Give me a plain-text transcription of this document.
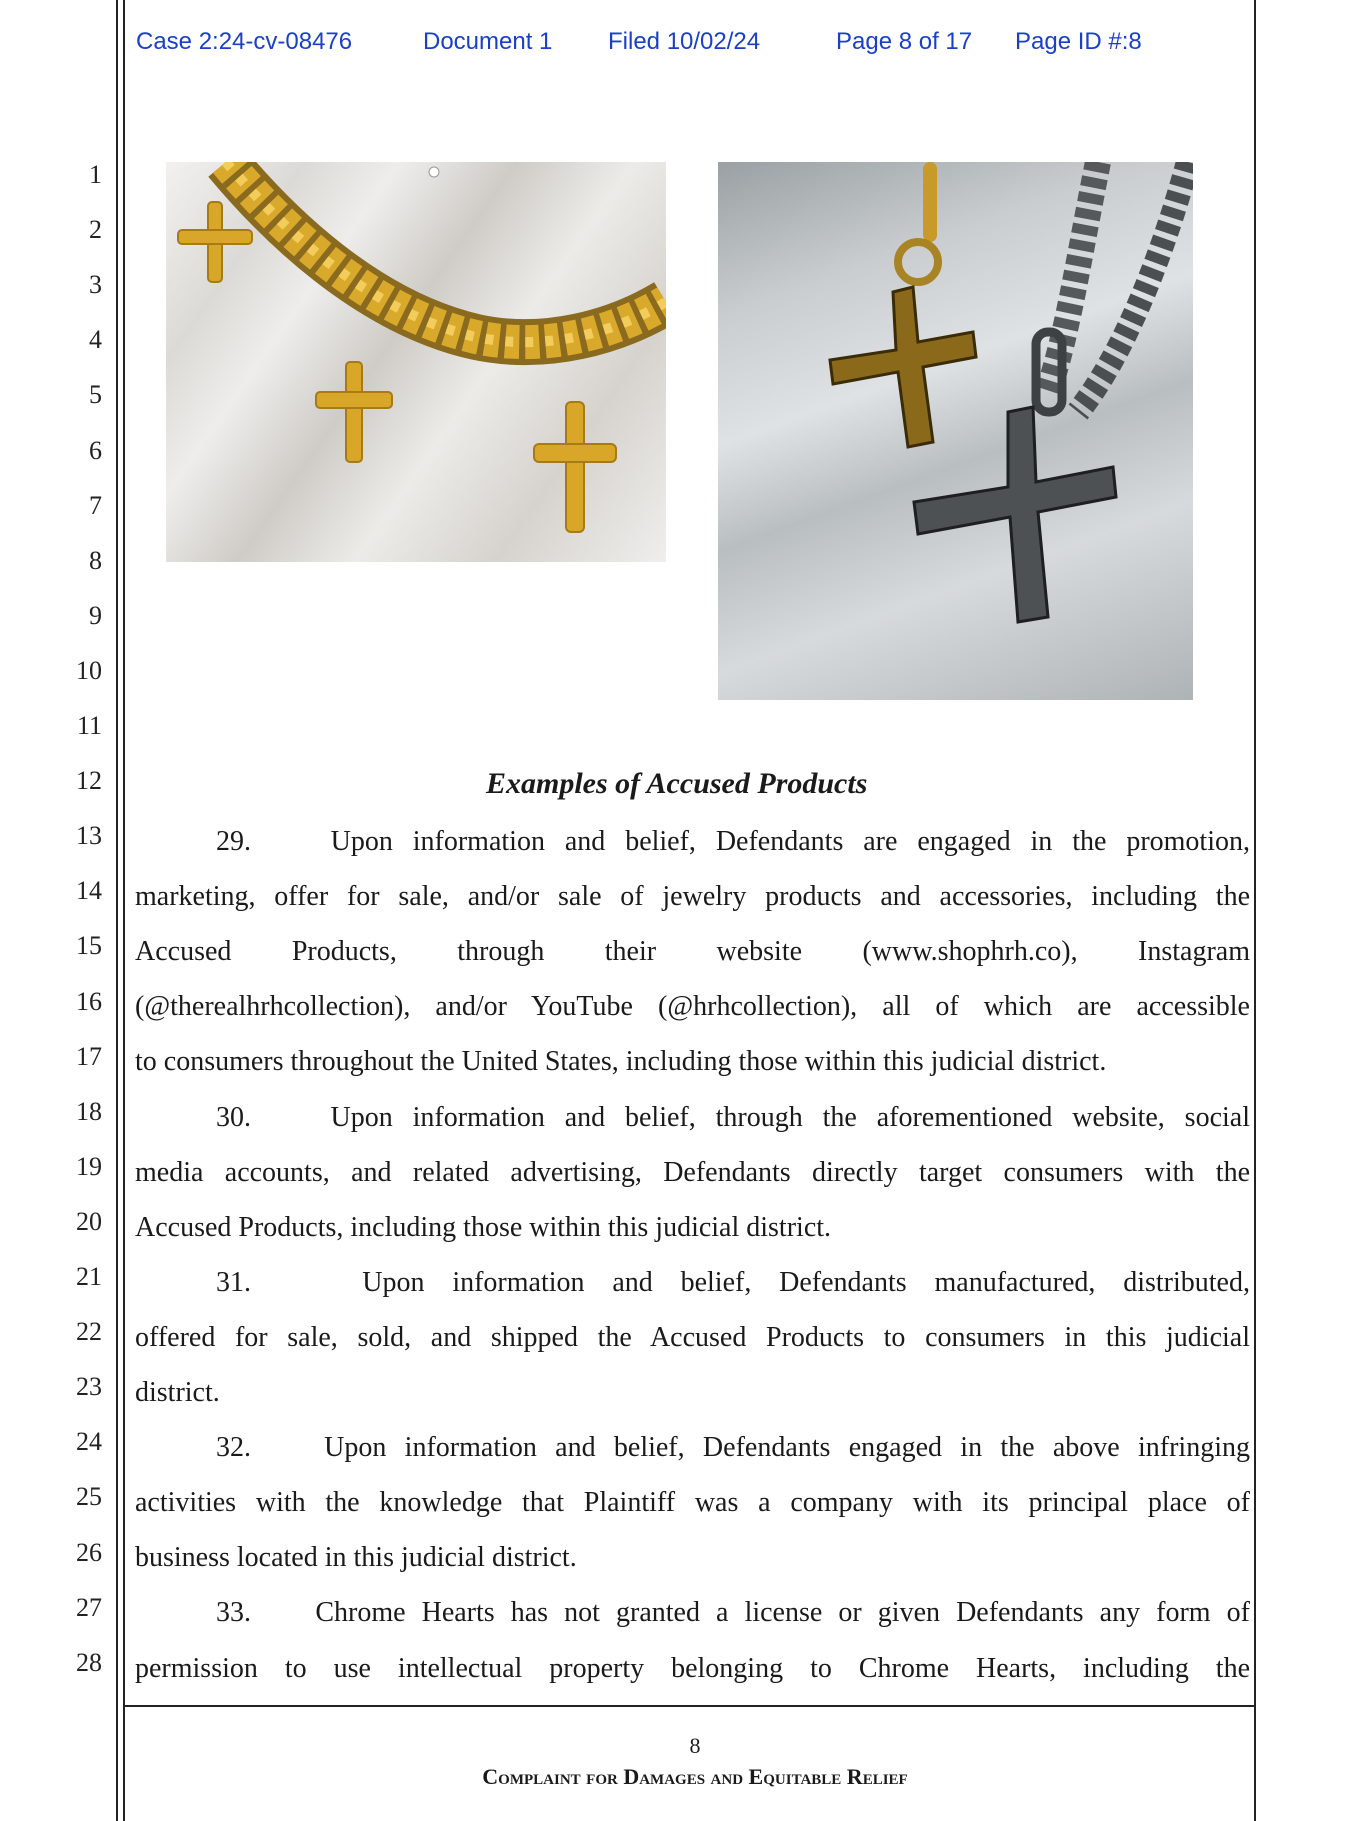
Case 2:24-cv-08476	Document 1 Filed 10/02/24	Page 8 of 17 Page ID #:8
1
2
3
4
5
6
7
8
9
10
11
12
13
14
15
16
17
18
19
20
21
22
23
24
25
26
27
28
Examples of Accused Products
29.    Upon information and belief, Defendants are engaged in the promotion,
marketing, offer for sale, and/or sale of jewelry products and accessories, including the
Accused Products, through their website (www.shophrh.co), Instagram
(@therealhrhcollection), and/or YouTube (@hrhcollection), all of which are accessible
to consumers throughout the United States, including those within this judicial district.
30.    Upon information and belief, through the aforementioned website, social
media accounts, and related advertising, Defendants directly target consumers with the
Accused Products, including those within this judicial district.
31.    Upon information and belief, Defendants manufactured, distributed,
offered for sale, sold, and shipped the Accused Products to consumers in this judicial
district.
32.    Upon information and belief, Defendants engaged in the above infringing
activities with the knowledge that Plaintiff was a company with its principal place of
business located in this judicial district.
33.    Chrome Hearts has not granted a license or given Defendants any form of
permission to use intellectual property belonging to Chrome Hearts, including the
8
Complaint for Damages and Equitable Relief
